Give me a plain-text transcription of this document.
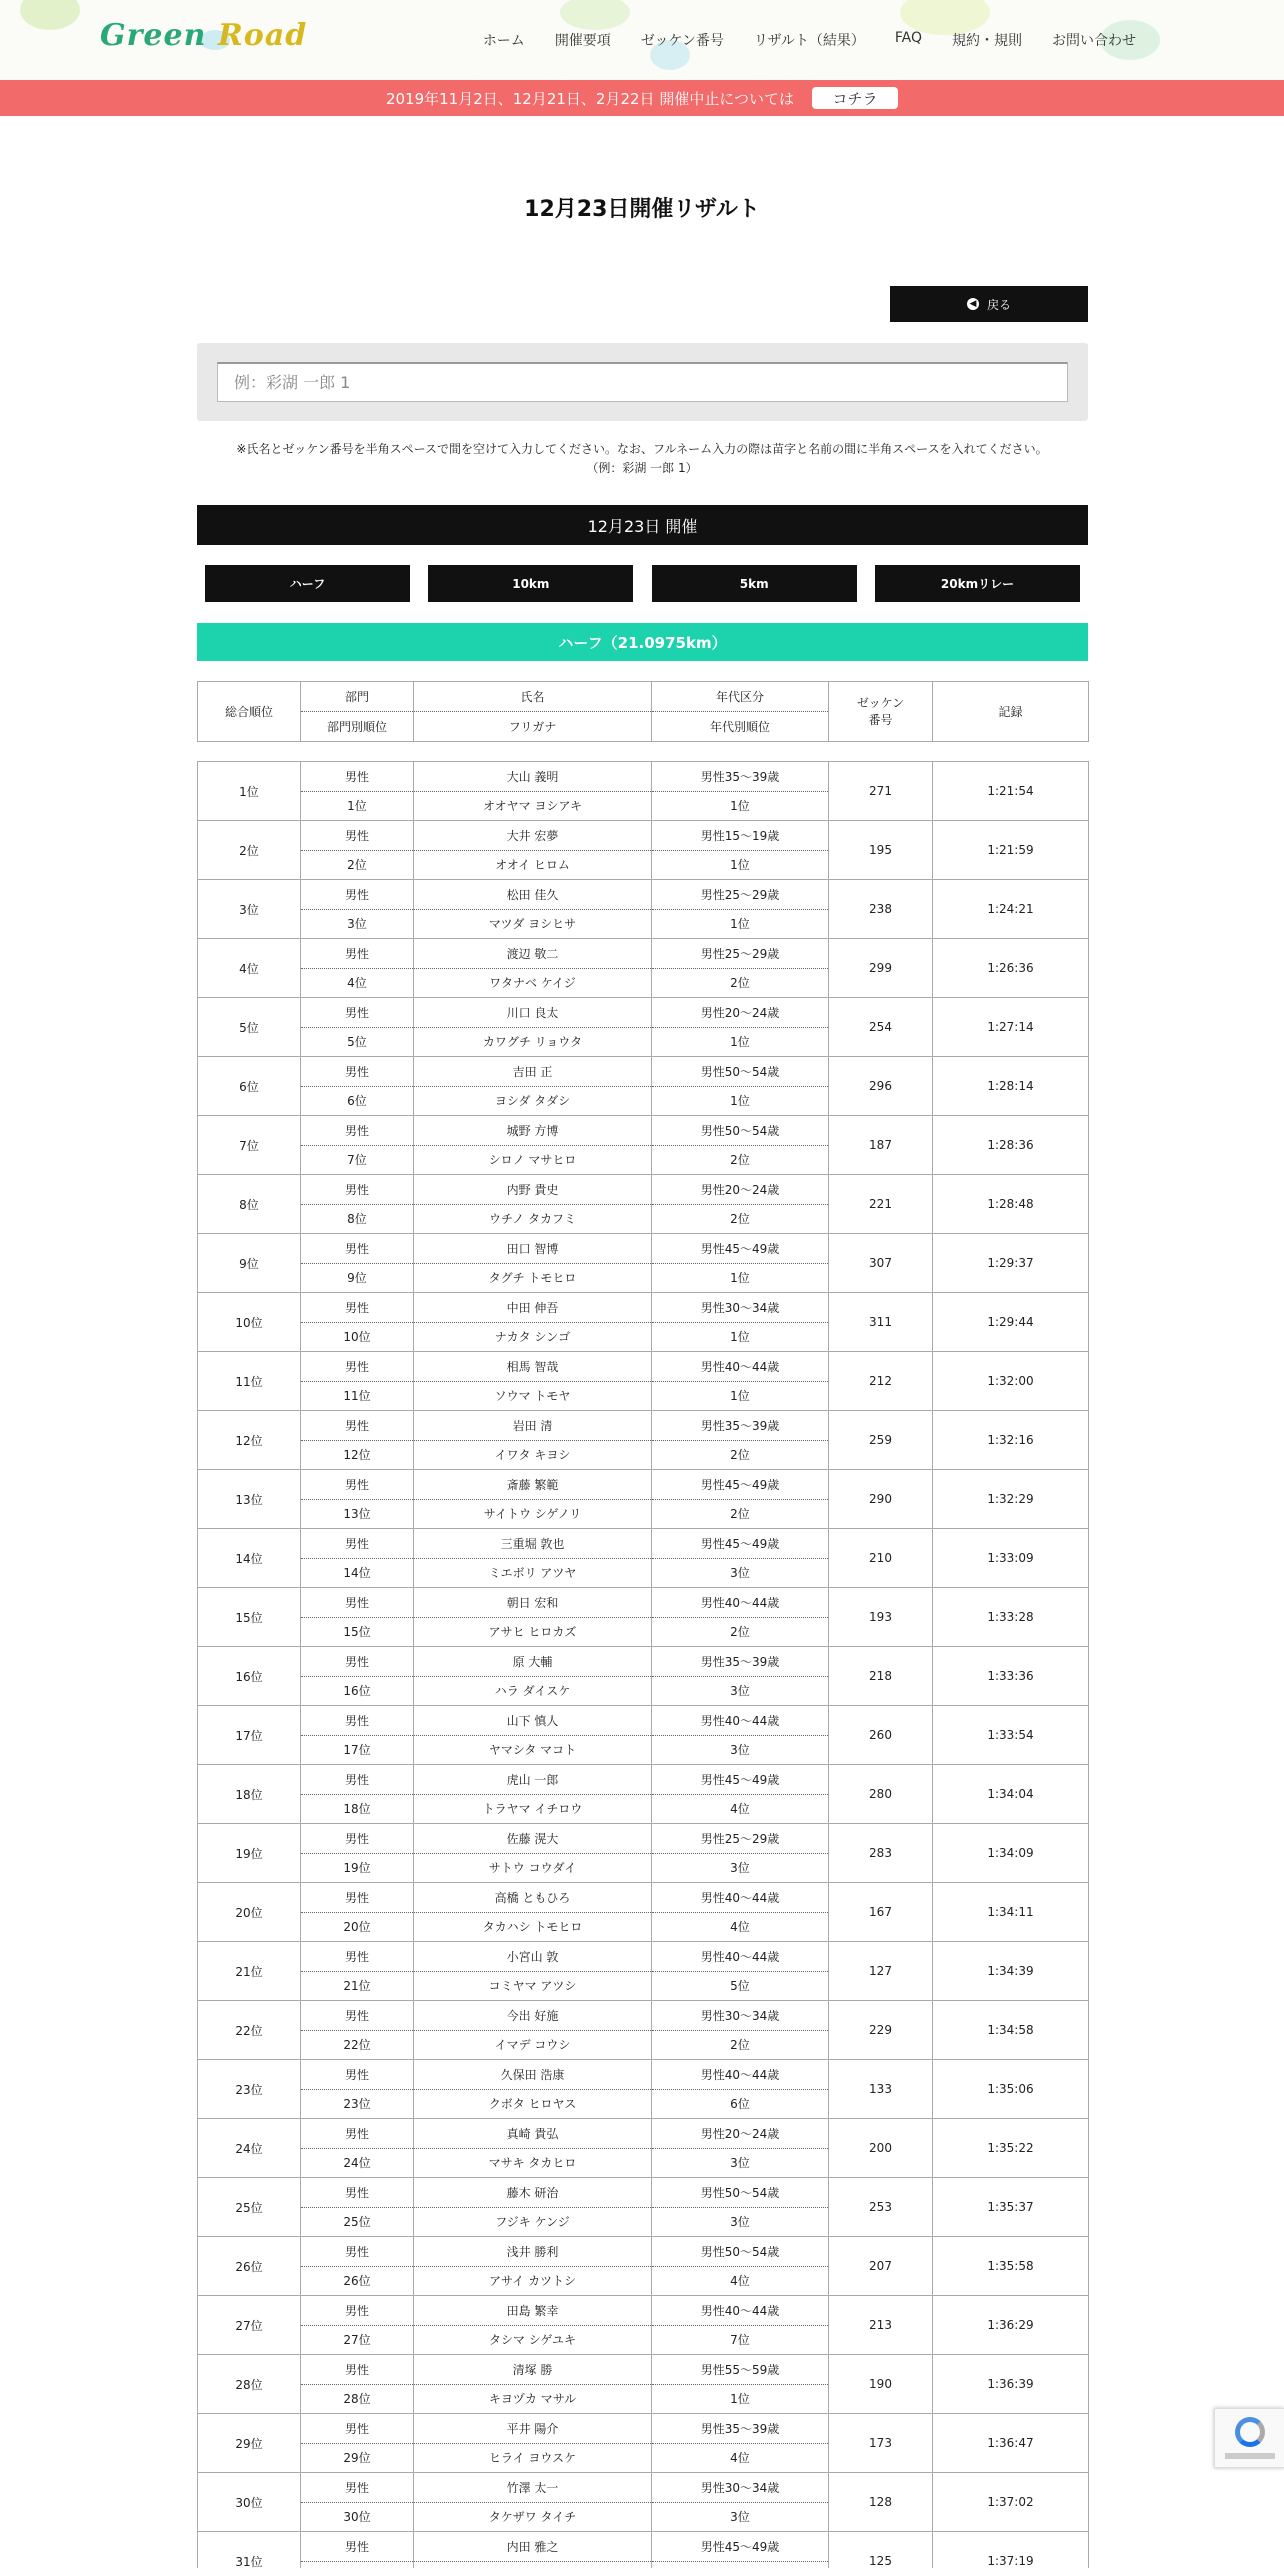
Green Road	ホーム 開催要項 ゼッケン番号 リザルト（結果） FAQ 規約・規則 お問い合わせ
2019年11月2日、12月21日、2月22日 開催中止については	コチラ
12月23日開催リザルト
◀ 戻る
例：彩湖 一郎 1
※氏名とゼッケン番号を半角スペースで間を空けて入力してください。なお、フルネーム入力の際は苗字と名前の間に半角スペースを入れてください。
（例：彩湖 一郎 1）
12月23日 開催
ハーフ	10km	5km	20kmリレー
ハーフ（21.0975km）
総合順位	部門	氏名	年代区分	ゼッケン
番号	記録
	部門別順位	フリガナ	年代別順位		
1位	男性	大山 義明	男性35～39歳	271	1:21:54
	1位	オオヤマ ヨシアキ	1位		
2位	男性	大井 宏夢	男性15～19歳	195	1:21:59
	2位	オオイ ヒロム	1位		
3位	男性	松田 佳久	男性25～29歳	238	1:24:21
	3位	マツダ ヨシヒサ	1位		
4位	男性	渡辺 敬二	男性25～29歳	299	1:26:36
	4位	ワタナベ ケイジ	2位		
5位	男性	川口 良太	男性20～24歳	254	1:27:14
	5位	カワグチ リョウタ	1位		
6位	男性	吉田 正	男性50～54歳	296	1:28:14
	6位	ヨシダ タダシ	1位		
7位	男性	城野 方博	男性50～54歳	187	1:28:36
	7位	シロノ マサヒロ	2位		
8位	男性	内野 貴史	男性20～24歳	221	1:28:48
	8位	ウチノ タカフミ	2位		
9位	男性	田口 智博	男性45～49歳	307	1:29:37
	9位	タグチ トモヒロ	1位		
10位	男性	中田 伸吾	男性30～34歳	311	1:29:44
	10位	ナカタ シンゴ	1位		
11位	男性	相馬 智哉	男性40～44歳	212	1:32:00
	11位	ソウマ トモヤ	1位		
12位	男性	岩田 清	男性35～39歳	259	1:32:16
	12位	イワタ キヨシ	2位		
13位	男性	斎藤 繁範	男性45～49歳	290	1:32:29
	13位	サイトウ シゲノリ	2位		
14位	男性	三重堀 敦也	男性45～49歳	210	1:33:09
	14位	ミエボリ アツヤ	3位		
15位	男性	朝日 宏和	男性40～44歳	193	1:33:28
	15位	アサヒ ヒロカズ	2位		
16位	男性	原 大輔	男性35～39歳	218	1:33:36
	16位	ハラ ダイスケ	3位		
17位	男性	山下 慎人	男性40～44歳	260	1:33:54
	17位	ヤマシタ マコト	3位		
18位	男性	虎山 一郎	男性45～49歳	280	1:34:04
	18位	トラヤマ イチロウ	4位		
19位	男性	佐藤 滉大	男性25～29歳	283	1:34:09
	19位	サトウ コウダイ	3位		
20位	男性	高橋 ともひろ	男性40～44歳	167	1:34:11
	20位	タカハシ トモヒロ	4位		
21位	男性	小宮山 敦	男性40～44歳	127	1:34:39
	21位	コミヤマ アツシ	5位		
22位	男性	今出 好施	男性30～34歳	229	1:34:58
	22位	イマデ コウシ	2位		
23位	男性	久保田 浩康	男性40～44歳	133	1:35:06
	23位	クボタ ヒロヤス	6位		
24位	男性	真崎 貴弘	男性20～24歳	200	1:35:22
	24位	マサキ タカヒロ	3位		
25位	男性	藤木 研治	男性50～54歳	253	1:35:37
	25位	フジキ ケンジ	3位		
26位	男性	浅井 勝利	男性50～54歳	207	1:35:58
	26位	アサイ カツトシ	4位		
27位	男性	田島 繁幸	男性40～44歳	213	1:36:29
	27位	タシマ シゲユキ	7位		
28位	男性	清塚 勝	男性55～59歳	190	1:36:39
	28位	キヨヅカ マサル	1位		
29位	男性	平井 陽介	男性35～39歳	173	1:36:47
	29位	ヒライ ヨウスケ	4位		
30位	男性	竹澤 太一	男性30～34歳	128	1:37:02
	30位	タケザワ タイチ	3位		
31位	男性	内田 雅之	男性45～49歳	125	1:37:19
